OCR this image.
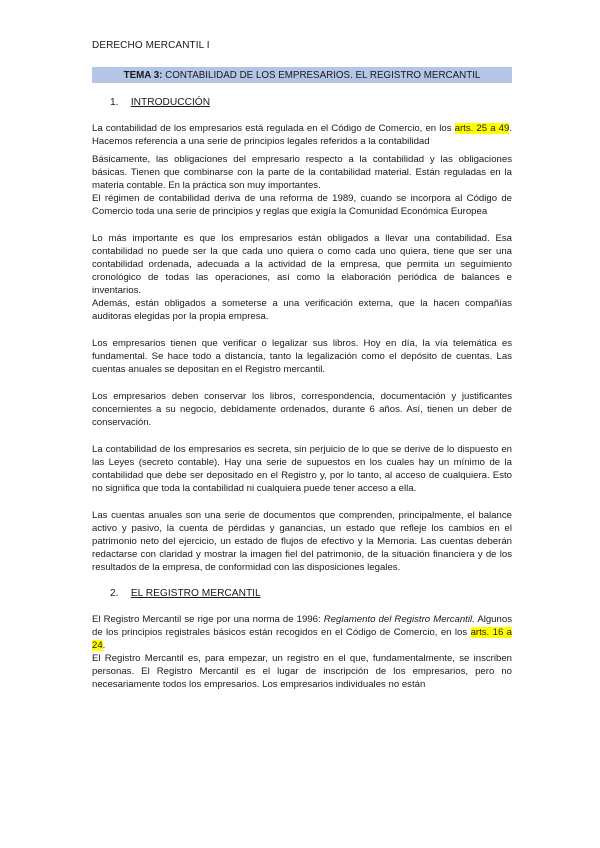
DERECHO MERCANTIL I
TEMA 3: CONTABILIDAD DE LOS EMPRESARIOS. EL REGISTRO MERCANTIL
1. INTRODUCCIÓN

La contabilidad de los empresarios está regulada en el Código de Comercio, en los arts. 25 a 49. Hacemos referencia a una serie de principios legales referidos a la contabilidad

Básicamente, las obligaciones del empresario respecto a la contabilidad y las obligaciones básicas. Tienen que combinarse con la parte de la contabilidad material. Están reguladas en la materia contable. En la práctica son muy importantes.

El régimen de contabilidad deriva de una reforma de 1989, cuando se incorpora al Código de Comercio toda una serie de principios y reglas que exigía la Comunidad Económica Europea

Lo más importante es que los empresarios están obligados a llevar una contabilidad. Esa contabilidad no puede ser la que cada uno quiera o como cada uno quiera, tiene que ser una contabilidad ordenada, adecuada a la actividad de la empresa, que permita un seguimiento cronológico de todas las operaciones, así como la elaboración periódica de balances e inventarios.

Además, están obligados a someterse a una verificación externa, que la hacen compañías auditoras elegidas por la propia empresa.

Los empresarios tienen que verificar o legalizar sus libros. Hoy en día, la vía telemática es fundamental. Se hace todo a distancia, tanto la legalización como el depósito de cuentas. Las cuentas anuales se depositan en el Registro mercantil.

Los empresarios deben conservar los libros, correspondencia, documentación y justificantes concernientes a su negocio, debidamente ordenados, durante 6 años. Así, tienen un deber de conservación.

La contabilidad de los empresarios es secreta, sin perjuicio de lo que se derive de lo dispuesto en las Leyes (secreto contable). Hay una serie de supuestos en los cuales hay un mínimo de la contabilidad que debe ser depositado en el Registro y, por lo tanto, al acceso de cualquiera. Esto no significa que toda la contabilidad ni cualquiera puede tener acceso a ella.

Las cuentas anuales son una serie de documentos que comprenden, principalmente, el balance activo y pasivo, la cuenta de pérdidas y ganancias, un estado que refleje los cambios en el patrimonio neto del ejercicio, un estado de flujos de efectivo y la Memoria. Las cuentas deberán redactarse con claridad y mostrar la imagen fiel del patrimonio, de la situación financiera y de los resultados de la empresa, de conformidad con las disposiciones legales.

2. EL REGISTRO MERCANTIL

El Registro Mercantil se rige por una norma de 1996: Reglamento del Registro Mercantil. Algunos de los principios registrales básicos están recogidos en el Código de Comercio, en los arts. 16 a 24.

El Registro Mercantil es, para empezar, un registro en el que, fundamentalmente, se inscriben personas. El Registro Mercantil es el lugar de inscripción de los empresarios, pero no necesariamente todos los empresarios. Los empresarios individuales no están
